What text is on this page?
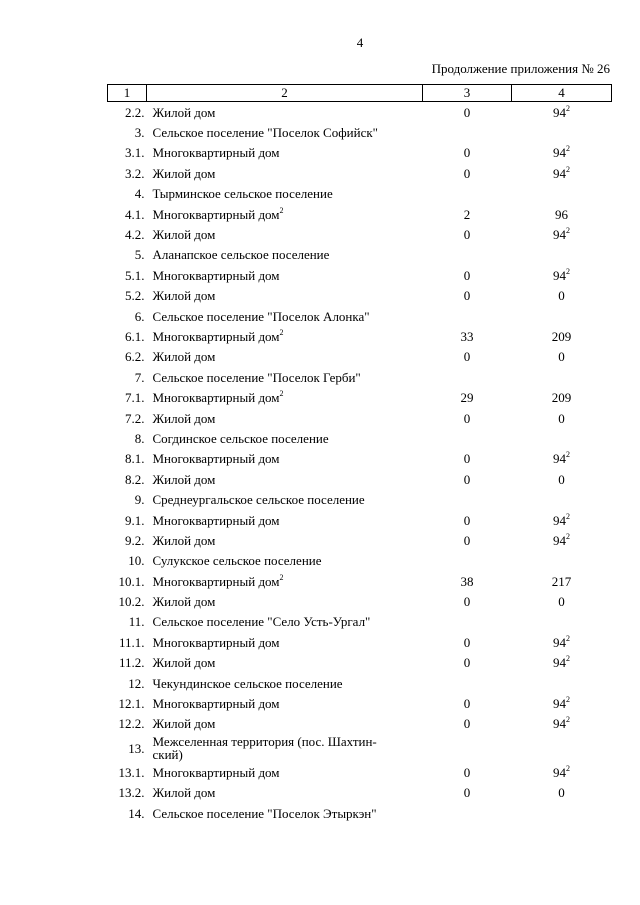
4
Продолжение приложения № 26
1	2	3	4
2.2.	Жилой дом	0	$94^2$
3.	Сельское поселение "Поселок Софийск"		
3.1.	Многоквартирный дом	0	$94^2$
3.2.	Жилой дом	0	$94^2$
4.	Тырминское сельское поселение		
4.1.	Многоквартирный дом$^2$	2	96
4.2.	Жилой дом	0	$94^2$
5.	Аланапское сельское поселение		
5.1.	Многоквартирный дом	0	$94^2$
5.2.	Жилой дом	0	0
6.	Сельское поселение "Поселок Алонка"		
6.1.	Многоквартирный дом$^2$	33	209
6.2.	Жилой дом	0	0
7.	Сельское поселение "Поселок Герби"		
7.1.	Многоквартирный дом$^2$	29	209
7.2.	Жилой дом	0	0
8.	Согдинское сельское поселение		
8.1.	Многоквартирный дом	0	$94^2$
8.2.	Жилой дом	0	0
9.	Среднеургальское сельское поселение		
9.1.	Многоквартирный дом	0	$94^2$
9.2.	Жилой дом	0	$94^2$
10.	Сулукское сельское поселение		
10.1.	Многоквартирный дом$^2$	38	217
10.2.	Жилой дом	0	0
11.	Сельское поселение "Село Усть-Ургал"		
11.1.	Многоквартирный дом	0	$94^2$
11.2.	Жилой дом	0	$94^2$
12.	Чекундинское сельское поселение		
12.1.	Многоквартирный дом	0	$94^2$
12.2.	Жилой дом	0	$94^2$
13.	Межселенная территория (пос. Шахтин-
ский)		
13.1.	Многоквартирный дом	0	$94^2$
13.2.	Жилой дом	0	0
14.	Сельское поселение "Поселок Этыркэн"		
